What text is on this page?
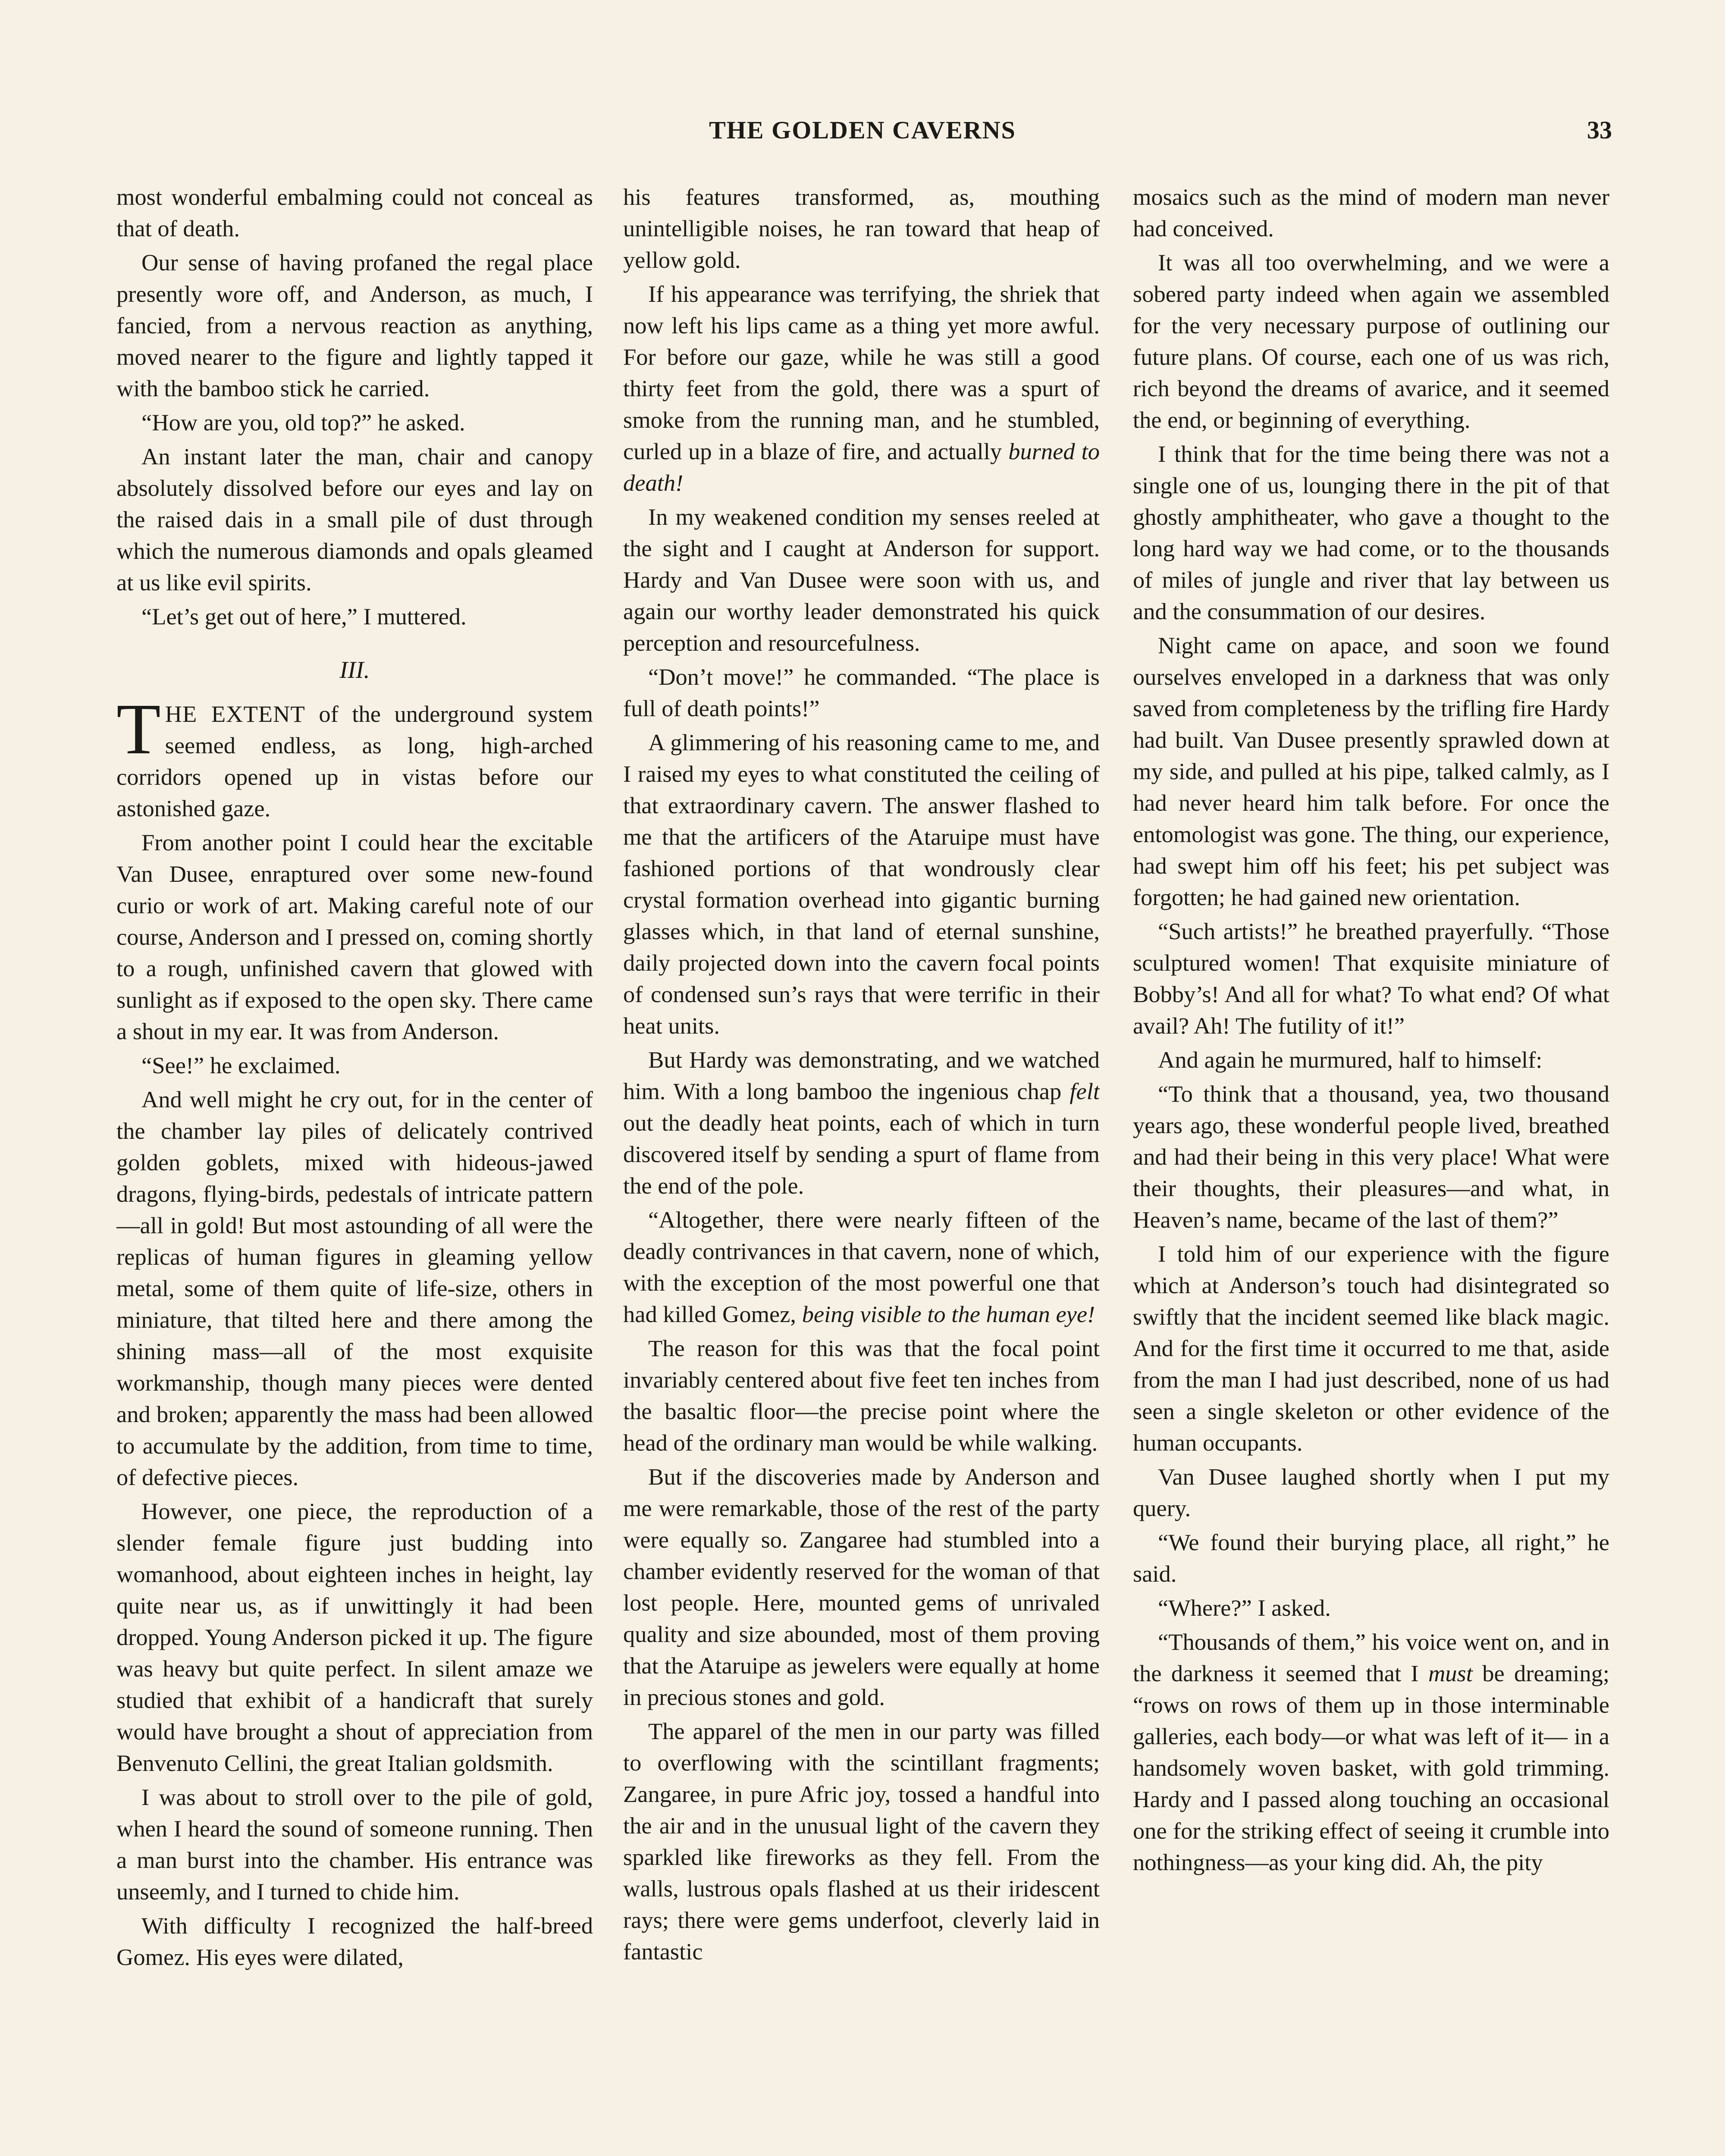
THE GOLDEN CAVERNS	33

most wonderful embalming could not conceal as that of death.

Our sense of having profaned the regal place presently wore off, and Anderson, as much, I fancied, from a nervous reaction as anything, moved nearer to the figure and lightly tapped it with the bamboo stick he carried.

“How are you, old top?” he asked.

An instant later the man, chair and canopy absolutely dissolved before our eyes and lay on the raised dais in a small pile of dust through which the numerous diamonds and opals gleamed at us like evil spirits.

“Let’s get out of here,” I muttered.

III.

THE EXTENT of the underground system seemed endless, as long, high-arched corridors opened up in vistas before our astonished gaze.

From another point I could hear the excitable Van Dusee, enraptured over some new-found curio or work of art. Making careful note of our course, Anderson and I pressed on, coming shortly to a rough, unfinished cavern that glowed with sunlight as if exposed to the open sky. There came a shout in my ear. It was from Anderson.

“See!” he exclaimed.

And well might he cry out, for in the center of the chamber lay piles of delicately contrived golden goblets, mixed with hideous-jawed dragons, flying-birds, pedestals of intricate pattern —all in gold! But most astounding of all were the replicas of human figures in gleaming yellow metal, some of them quite of life-size, others in miniature, that tilted here and there among the shining mass—all of the most exquisite workmanship, though many pieces were dented and broken; apparently the mass had been allowed to accumulate by the addition, from time to time, of defective pieces.

However, one piece, the reproduction of a slender female figure just budding into womanhood, about eighteen inches in height, lay quite near us, as if unwittingly it had been dropped. Young Anderson picked it up. The figure was heavy but quite perfect. In silent amaze we studied that exhibit of a handicraft that surely would have brought a shout of appreciation from Benvenuto Cellini, the great Italian goldsmith.

I was about to stroll over to the pile of gold, when I heard the sound of someone running. Then a man burst into the chamber. His entrance was unseemly, and I turned to chide him.

With difficulty I recognized the half-breed Gomez. His eyes were dilated,

his features transformed, as, mouthing unintelligible noises, he ran toward that heap of yellow gold.

If his appearance was terrifying, the shriek that now left his lips came as a thing yet more awful. For before our gaze, while he was still a good thirty feet from the gold, there was a spurt of smoke from the running man, and he stumbled, curled up in a blaze of fire, and actually burned to death!

In my weakened condition my senses reeled at the sight and I caught at Anderson for support. Hardy and Van Dusee were soon with us, and again our worthy leader demonstrated his quick perception and resourcefulness.

“Don’t move!” he commanded. “The place is full of death points!”

A glimmering of his reasoning came to me, and I raised my eyes to what constituted the ceiling of that extraordinary cavern. The answer flashed to me that the artificers of the Ataruipe must have fashioned portions of that wondrously clear crystal formation overhead into gigantic burning glasses which, in that land of eternal sunshine, daily projected down into the cavern focal points of condensed sun’s rays that were terrific in their heat units.

But Hardy was demonstrating, and we watched him. With a long bamboo the ingenious chap felt out the deadly heat points, each of which in turn discovered itself by sending a spurt of flame from the end of the pole.

“Altogether, there were nearly fifteen of the deadly contrivances in that cavern, none of which, with the exception of the most powerful one that had killed Gomez, being visible to the human eye!

The reason for this was that the focal point invariably centered about five feet ten inches from the basaltic floor—the precise point where the head of the ordinary man would be while walking.

But if the discoveries made by Anderson and me were remarkable, those of the rest of the party were equally so. Zangaree had stumbled into a chamber evidently reserved for the woman of that lost people. Here, mounted gems of unrivaled quality and size abounded, most of them proving that the Ataruipe as jewelers were equally at home in precious stones and gold.

The apparel of the men in our party was filled to overflowing with the scintillant fragments; Zangaree, in pure Afric joy, tossed a handful into the air and in the unusual light of the cavern they sparkled like fireworks as they fell. From the walls, lustrous opals flashed at us their iridescent rays; there were gems underfoot, cleverly laid in fantastic

mosaics such as the mind of modern man never had conceived.

It was all too overwhelming, and we were a sobered party indeed when again we assembled for the very necessary purpose of outlining our future plans. Of course, each one of us was rich, rich beyond the dreams of avarice, and it seemed the end, or beginning of everything.

I think that for the time being there was not a single one of us, lounging there in the pit of that ghostly amphitheater, who gave a thought to the long hard way we had come, or to the thousands of miles of jungle and river that lay between us and the consummation of our desires.

Night came on apace, and soon we found ourselves enveloped in a darkness that was only saved from completeness by the trifling fire Hardy had built. Van Dusee presently sprawled down at my side, and pulled at his pipe, talked calmly, as I had never heard him talk before. For once the entomologist was gone. The thing, our experience, had swept him off his feet; his pet subject was forgotten; he had gained new orientation.

“Such artists!” he breathed prayerfully. “Those sculptured women! That exquisite miniature of Bobby’s! And all for what? To what end? Of what avail? Ah! The futility of it!”

And again he murmured, half to himself:

“To think that a thousand, yea, two thousand years ago, these wonderful people lived, breathed and had their being in this very place! What were their thoughts, their pleasures—and what, in Heaven’s name, became of the last of them?”

I told him of our experience with the figure which at Anderson’s touch had disintegrated so swiftly that the incident seemed like black magic. And for the first time it occurred to me that, aside from the man I had just described, none of us had seen a single skeleton or other evidence of the human occupants.

Van Dusee laughed shortly when I put my query.

“We found their burying place, all right,” he said.

“Where?” I asked.

“Thousands of them,” his voice went on, and in the darkness it seemed that I must be dreaming; “rows on rows of them up in those interminable galleries, each body—or what was left of it— in a handsomely woven basket, with gold trimming. Hardy and I passed along touching an occasional one for the striking effect of seeing it crumble into nothingness—as your king did. Ah, the pity
